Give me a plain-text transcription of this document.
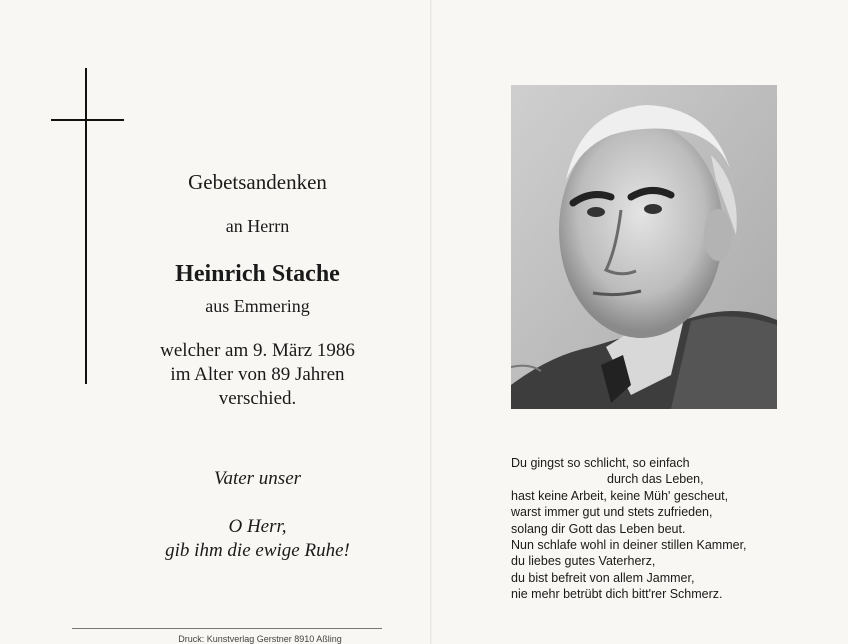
Gebetsandenken
an Herrn
Heinrich Stache
aus Emmering
welcher am 9. März 1986
im Alter von 89 Jahren
verschied.
Vater unser
O Herr,
gib ihm die ewige Ruhe!
Druck: Kunstverlag Gerstner 8910 Aßling
Du gingst so schlicht, so einfach
durch das Leben,
hast keine Arbeit, keine Müh' gescheut,
warst immer gut und stets zufrieden,
solang dir Gott das Leben beut.
Nun schlafe wohl in deiner stillen Kammer,
du liebes gutes Vaterherz,
du bist befreit von allem Jammer,
nie mehr betrübt dich bitt'rer Schmerz.
